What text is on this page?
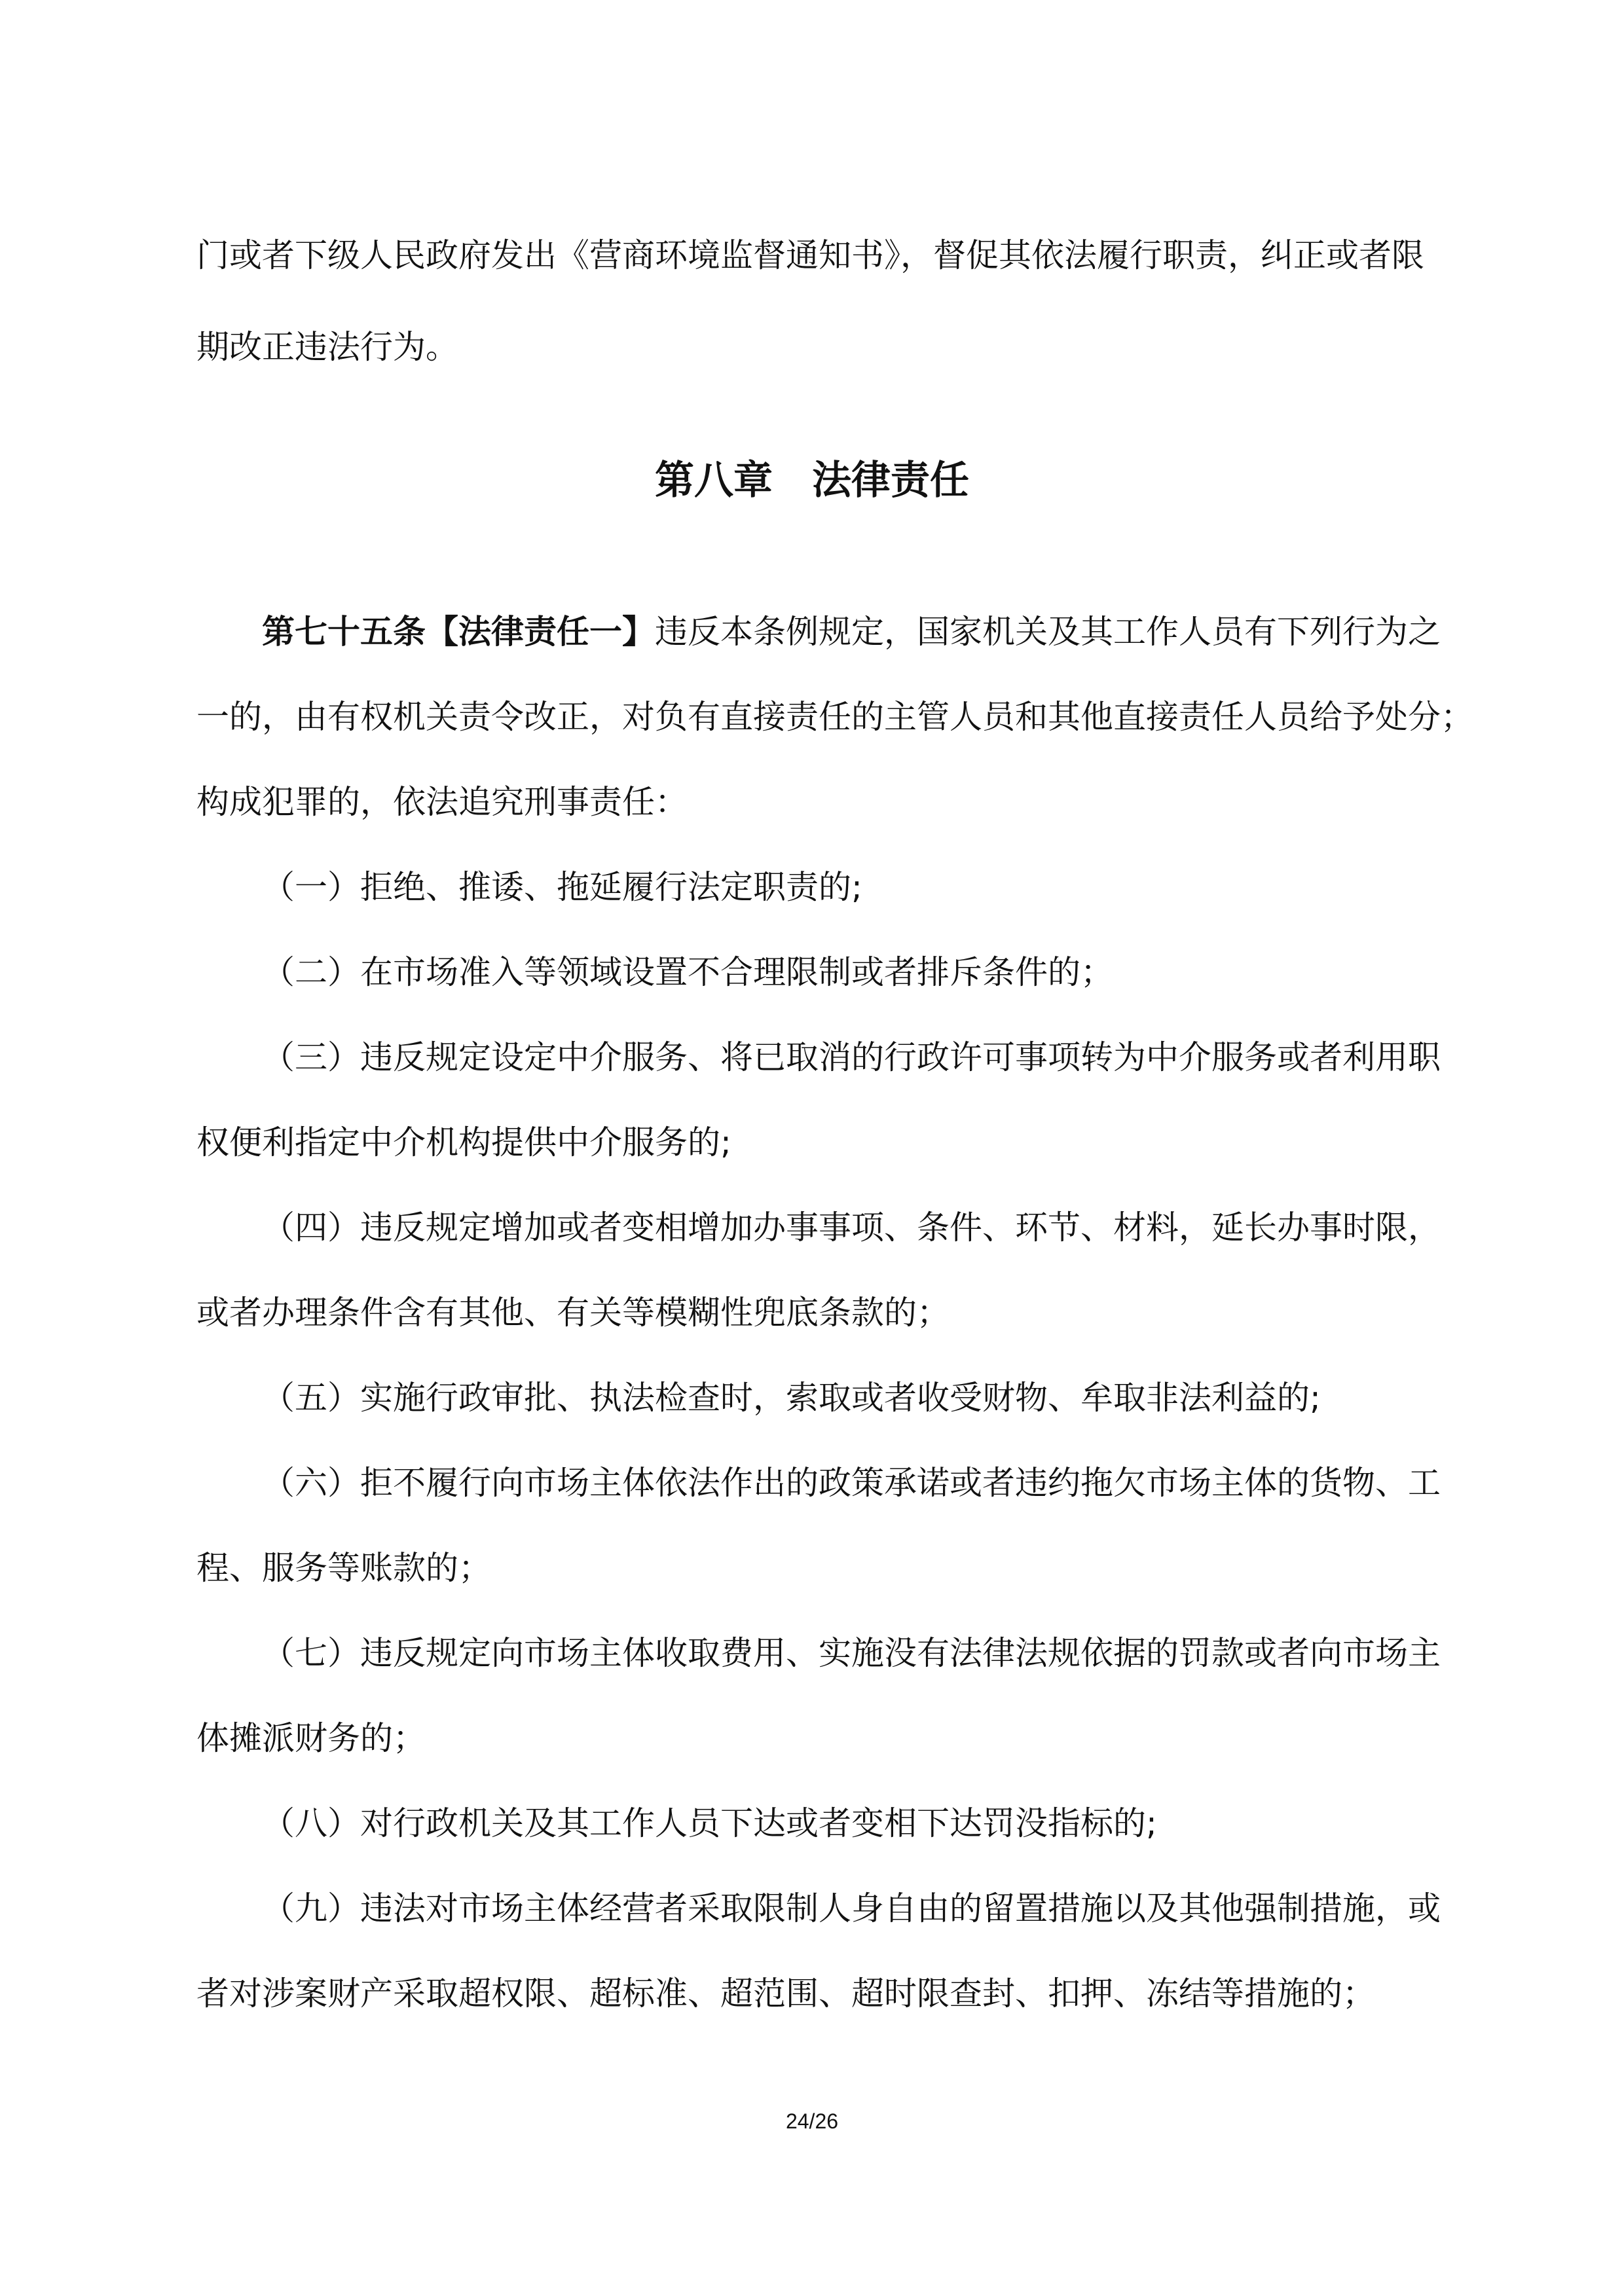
门或者下级人民政府发出《营商环境监督通知书》，督促其依法履行职责，纠正或者限

期改正违法行为。

第八章　法律责任

第七十五条【法律责任一】违反本条例规定，国家机关及其工作人员有下列行为之

一的，由有权机关责令改正，对负有直接责任的主管人员和其他直接责任人员给予处分；

构成犯罪的，依法追究刑事责任：

（一）拒绝、推诿、拖延履行法定职责的;

（二）在市场准入等领域设置不合理限制或者排斥条件的；

（三）违反规定设定中介服务、将已取消的行政许可事项转为中介服务或者利用职

权便利指定中介机构提供中介服务的;

（四）违反规定增加或者变相增加办事事项、条件、环节、材料，延长办事时限，

或者办理条件含有其他、有关等模糊性兜底条款的；

（五）实施行政审批、执法检查时，索取或者收受财物、牟取非法利益的;

（六）拒不履行向市场主体依法作出的政策承诺或者违约拖欠市场主体的货物、工

程、服务等账款的；

（七）违反规定向市场主体收取费用、实施没有法律法规依据的罚款或者向市场主

体摊派财务的；

（八）对行政机关及其工作人员下达或者变相下达罚没指标的;

（九）违法对市场主体经营者采取限制人身自由的留置措施以及其他强制措施，或

者对涉案财产采取超权限、超标准、超范围、超时限查封、扣押、冻结等措施的；

24/26
